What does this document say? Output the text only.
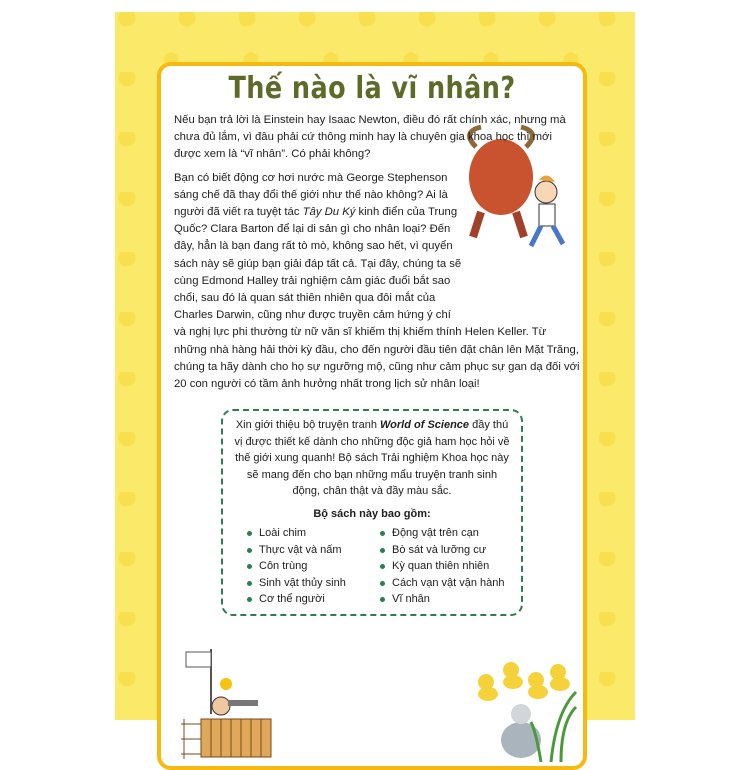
Thế nào là vĩ nhân?

Nếu bạn trả lời là Einstein hay Isaac Newton, điều đó rất chính xác, nhưng mà chưa đủ lắm, vì đâu phải cứ thông minh hay là chuyên gia khoa học thì mới được xem là “vĩ nhân”. Có phải không?

Bạn có biết động cơ hơi nước mà George Stephenson sáng chế đã thay đổi thế giới như thế nào không? Ai là người đã viết ra tuyệt tác Tây Du Ký kinh điển của Trung Quốc? Clara Barton để lại di sản gì cho nhân loại? Đến đây, hẳn là bạn đang rất tò mò, không sao hết, vì quyển sách này sẽ giúp bạn giải đáp tất cả. Tại đây, chúng ta sẽ cùng Edmond Halley trải nghiệm cảm giác đuổi bắt sao chổi, sau đó là quan sát thiên nhiên qua đôi mắt của Charles Darwin, cũng như được truyền cảm hứng ý chí và nghị lực phi thường từ nữ văn sĩ khiếm thị khiếm thính Helen Keller. Từ những nhà hàng hải thời kỳ đầu, cho đến người đầu tiên đặt chân lên Mặt Trăng, chúng ta hãy dành cho họ sự ngưỡng mộ, cũng như cảm phục sự gan dạ đối với 20 con người có tầm ảnh hưởng nhất trong lịch sử nhân loại!

Xin giới thiệu bộ truyện tranh World of Science đầy thú vị được thiết kế dành cho những độc giả ham học hỏi về thế giới xung quanh! Bộ sách Trải nghiệm Khoa học này sẽ mang đến cho bạn những mẩu truyện tranh sinh động, chân thật và đầy màu sắc.
Bộ sách này bao gồm:
Loài chim
Thực vật và nấm
Côn trùng
Sinh vật thủy sinh
Cơ thể người
Động vật trên cạn
Bò sát và lưỡng cư
Kỳ quan thiên nhiên
Cách vạn vật vận hành
Vĩ nhân
